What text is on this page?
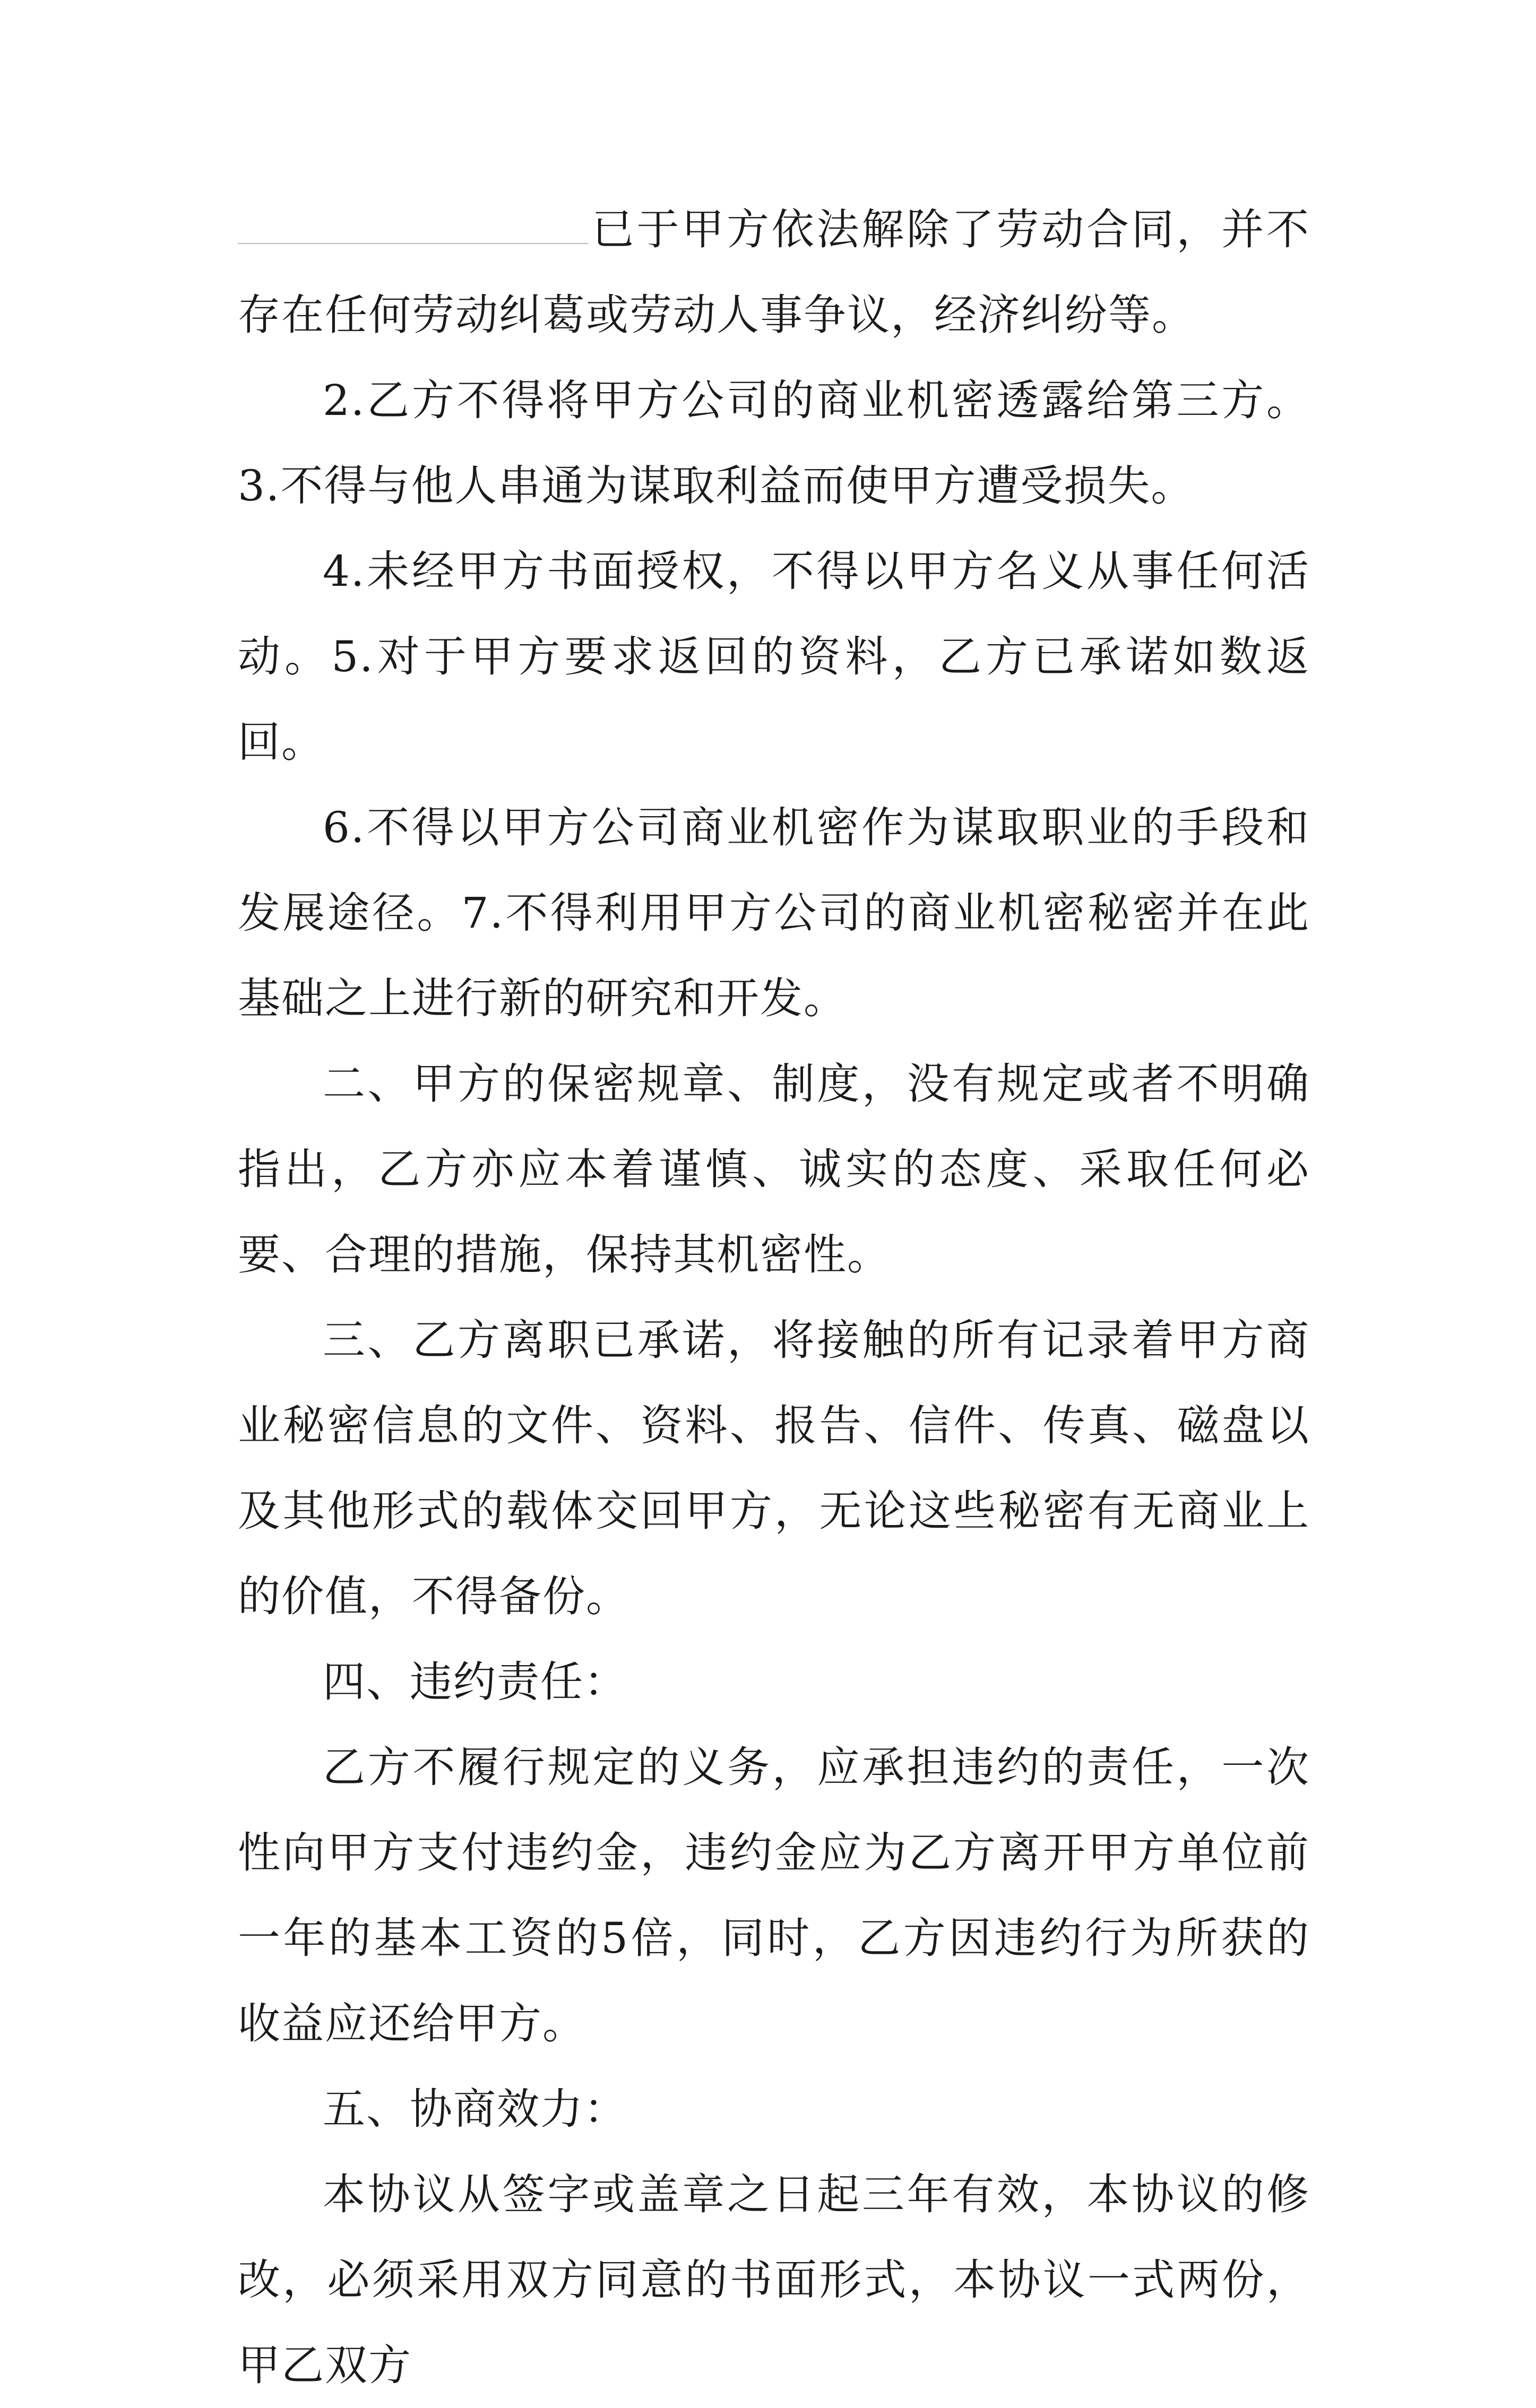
已于甲方依法解除了劳动合同，并不存在任何劳动纠葛或劳动人事争议，经济纠纷等。

2.乙方不得将甲方公司的商业机密透露给第三方。3.不得与他人串通为谋取利益而使甲方遭受损失。

4.未经甲方书面授权，不得以甲方名义从事任何活动。5.对于甲方要求返回的资料，乙方已承诺如数返回。

6.不得以甲方公司商业机密作为谋取职业的手段和发展途径。7.不得利用甲方公司的商业机密秘密并在此基础之上进行新的研究和开发。

二、甲方的保密规章、制度，没有规定或者不明确指出，乙方亦应本着谨慎、诚实的态度、采取任何必要、合理的措施，保持其机密性。

三、乙方离职已承诺，将接触的所有记录着甲方商业秘密信息的文件、资料、报告、信件、传真、磁盘以及其他形式的载体交回甲方，无论这些秘密有无商业上的价值，不得备份。

四、违约责任：

乙方不履行规定的义务，应承担违约的责任，一次性向甲方支付违约金，违约金应为乙方离开甲方单位前一年的基本工资的5倍，同时，乙方因违约行为所获的收益应还给甲方。

五、协商效力：

本协议从签字或盖章之日起三年有效，本协议的修改，必须采用双方同意的书面形式，本协议一式两份，甲乙双方
